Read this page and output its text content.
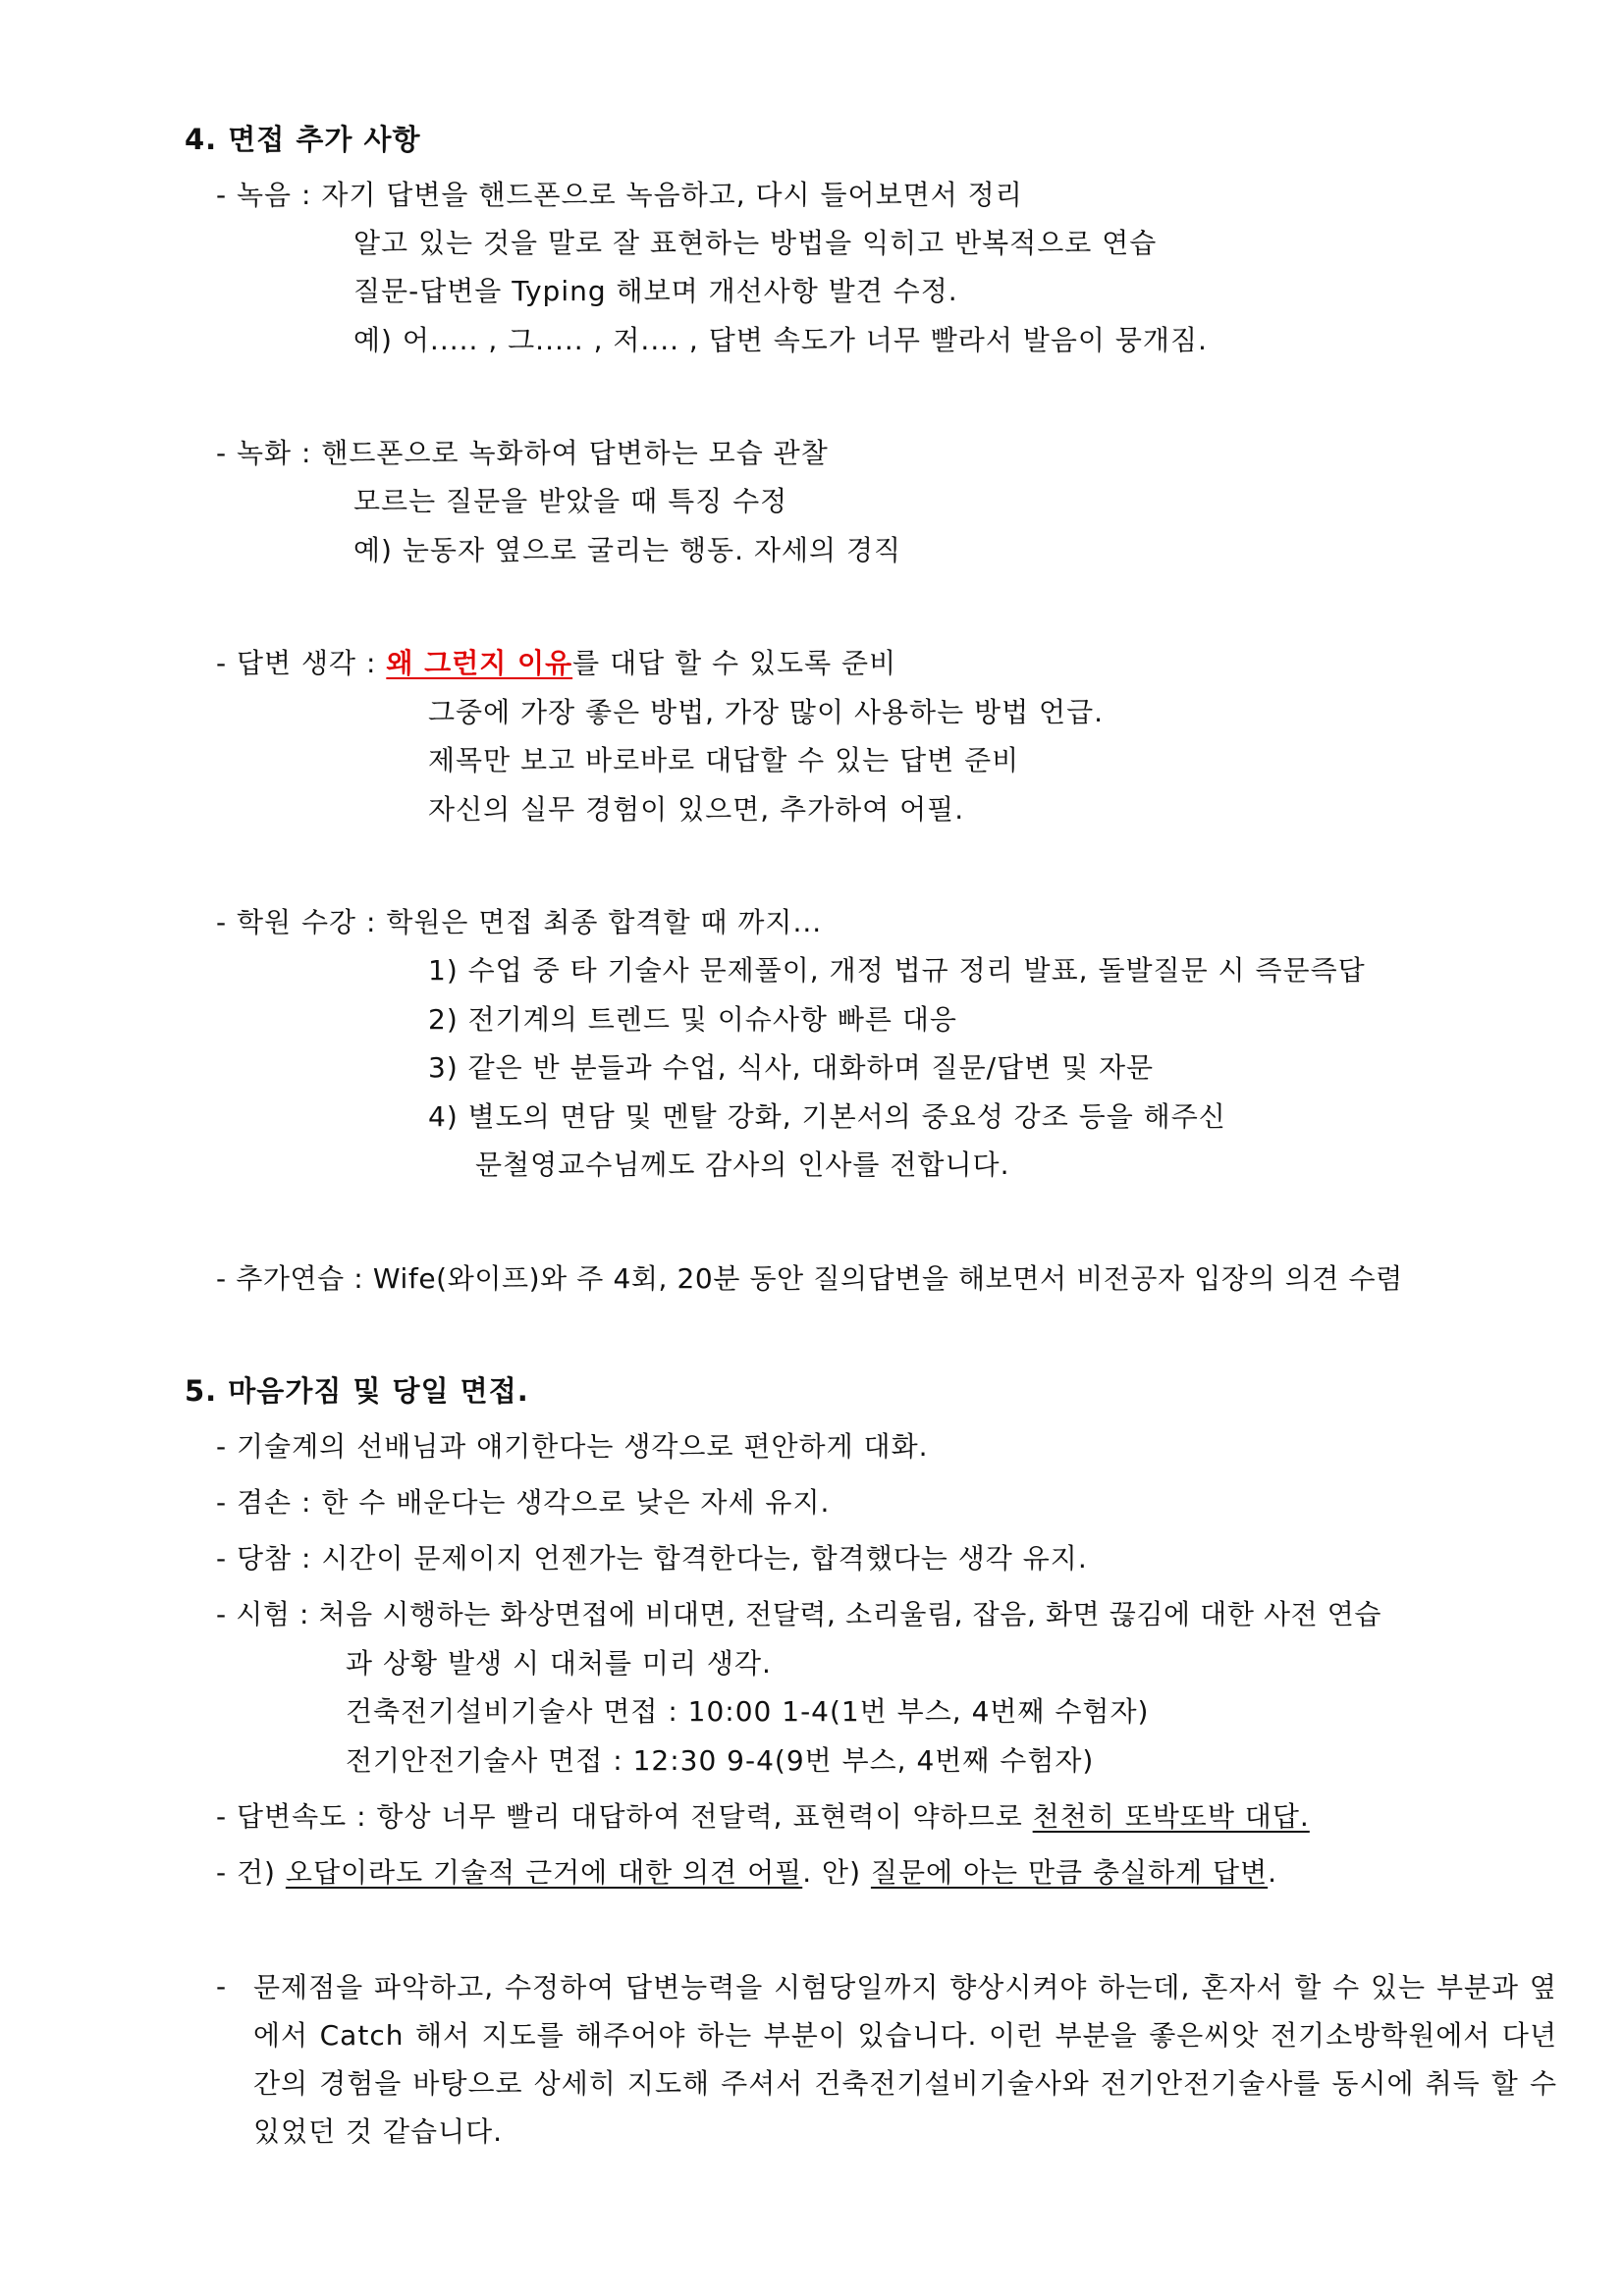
4. 면접 추가 사항
- 녹음 : 자기 답변을 핸드폰으로 녹음하고, 다시 들어보면서 정리
알고 있는 것을 말로 잘 표현하는 방법을 익히고 반복적으로 연습
질문-답변을 Typing 해보며 개선사항 발견 수정.
예) 어..... , 그..... , 저.... , 답변 속도가 너무 빨라서 발음이 뭉개짐.
- 녹화 : 핸드폰으로 녹화하여 답변하는 모습 관찰
모르는 질문을 받았을 때 특징 수정
예) 눈동자 옆으로 굴리는 행동. 자세의 경직
- 답변 생각 : 왜 그런지 이유를 대답 할 수 있도록 준비
그중에 가장 좋은 방법, 가장 많이 사용하는 방법 언급.
제목만 보고 바로바로 대답할 수 있는 답변 준비
자신의 실무 경험이 있으면, 추가하여 어필.
- 학원 수강 : 학원은 면접 최종 합격할 때 까지...
1) 수업 중 타 기술사 문제풀이, 개정 법규 정리 발표, 돌발질문 시 즉문즉답
2) 전기계의 트렌드 및 이슈사항 빠른 대응
3) 같은 반 분들과 수업, 식사, 대화하며 질문/답변 및 자문
4) 별도의 면담 및 멘탈 강화, 기본서의 중요성 강조 등을 해주신
문철영교수님께도 감사의 인사를 전합니다.
- 추가연습 : Wife(와이프)와 주 4회, 20분 동안 질의답변을 해보면서 비전공자 입장의 의견 수렴
5. 마음가짐 및 당일 면접.
- 기술계의 선배님과 얘기한다는 생각으로 편안하게 대화.
- 겸손 : 한 수 배운다는 생각으로 낮은 자세 유지.
- 당참 : 시간이 문제이지 언젠가는 합격한다는, 합격했다는 생각 유지.
- 시험 : 처음 시행하는 화상면접에 비대면, 전달력, 소리울림, 잡음, 화면 끊김에 대한 사전 연습
과 상황 발생 시 대처를 미리 생각.
건축전기설비기술사 면접 : 10:00 1-4(1번 부스, 4번째 수험자)
전기안전기술사 면접 : 12:30 9-4(9번 부스, 4번째 수험자)
- 답변속도 : 항상 너무 빨리 대답하여 전달력, 표현력이 약하므로 천천히 또박또박 대답.
- 건) 오답이라도 기술적 근거에 대한 의견 어필. 안) 질문에 아는 만큼 충실하게 답변.
- 문제점을 파악하고, 수정하여 답변능력을 시험당일까지 향상시켜야 하는데, 혼자서 할 수 있는 부분과 옆에서 Catch 해서 지도를 해주어야 하는 부분이 있습니다. 이런 부분을 좋은씨앗 전기소방학원에서 다년간의 경험을 바탕으로 상세히 지도해 주셔서 건축전기설비기술사와 전기안전기술사를 동시에 취득 할 수 있었던 것 같습니다.
